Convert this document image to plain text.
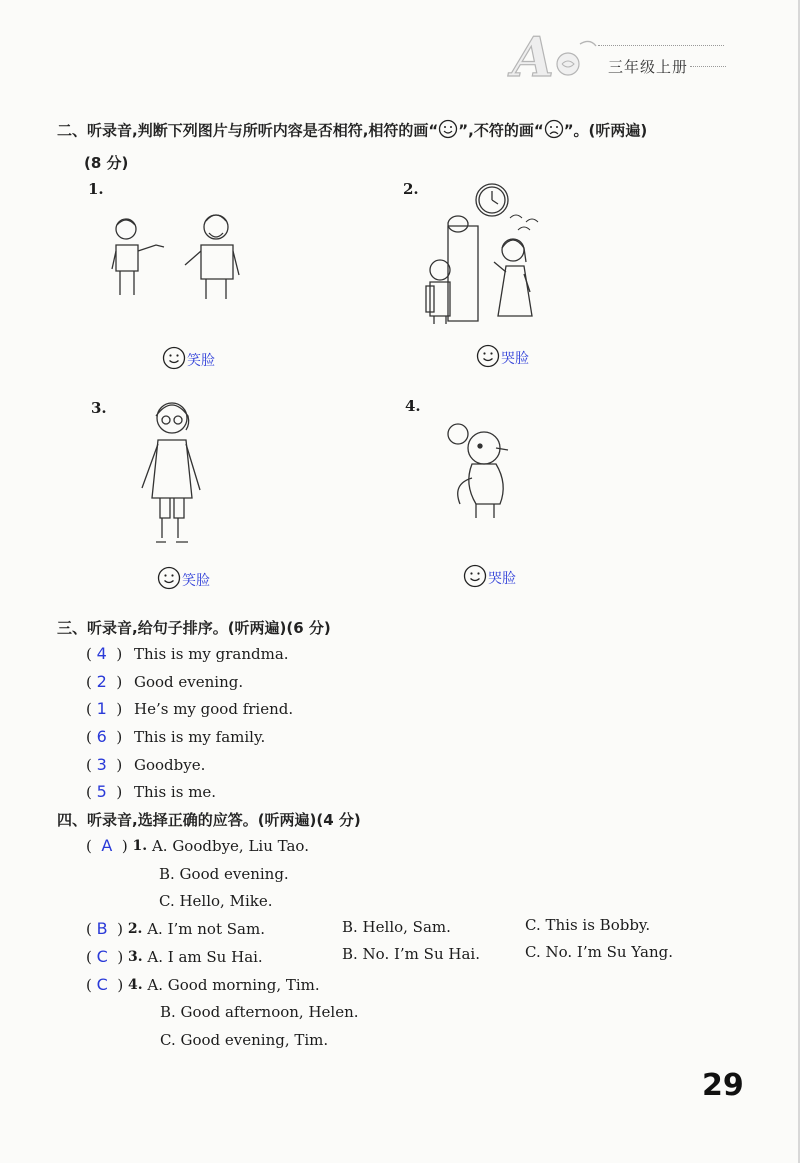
A	三年级上册
二、听录音,判断下列图片与所听内容是否相符,相符的画“ ”,不符的画“ ”。(听两遍)
(8 分)
1.
笑脸
2.
哭脸
3.
笑脸
4.
哭脸
三、听录音,给句子排序。(听两遍)(6 分)
( 4 ) This is my grandma.
( 2 ) Good evening.
( 1 ) He’s my good friend.
( 6 ) This is my family.
( 3 ) Goodbye.
( 5 ) This is me.
四、听录音,选择正确的应答。(听两遍)(4 分)
(
A
)
1.
A. Goodbye, Liu Tao.
B. Good evening.
C. Hello, Mike.
(
B
)
2.
A. I’m not Sam.	B. Hello, Sam.	C. This is Bobby.
(
C
)
3.
A. I am Su Hai.	B. No. I’m Su Hai.	C. No. I’m Su Yang.
(
C
)
4.
A. Good morning, Tim.
B. Good afternoon, Helen.
C. Good evening, Tim.
29
